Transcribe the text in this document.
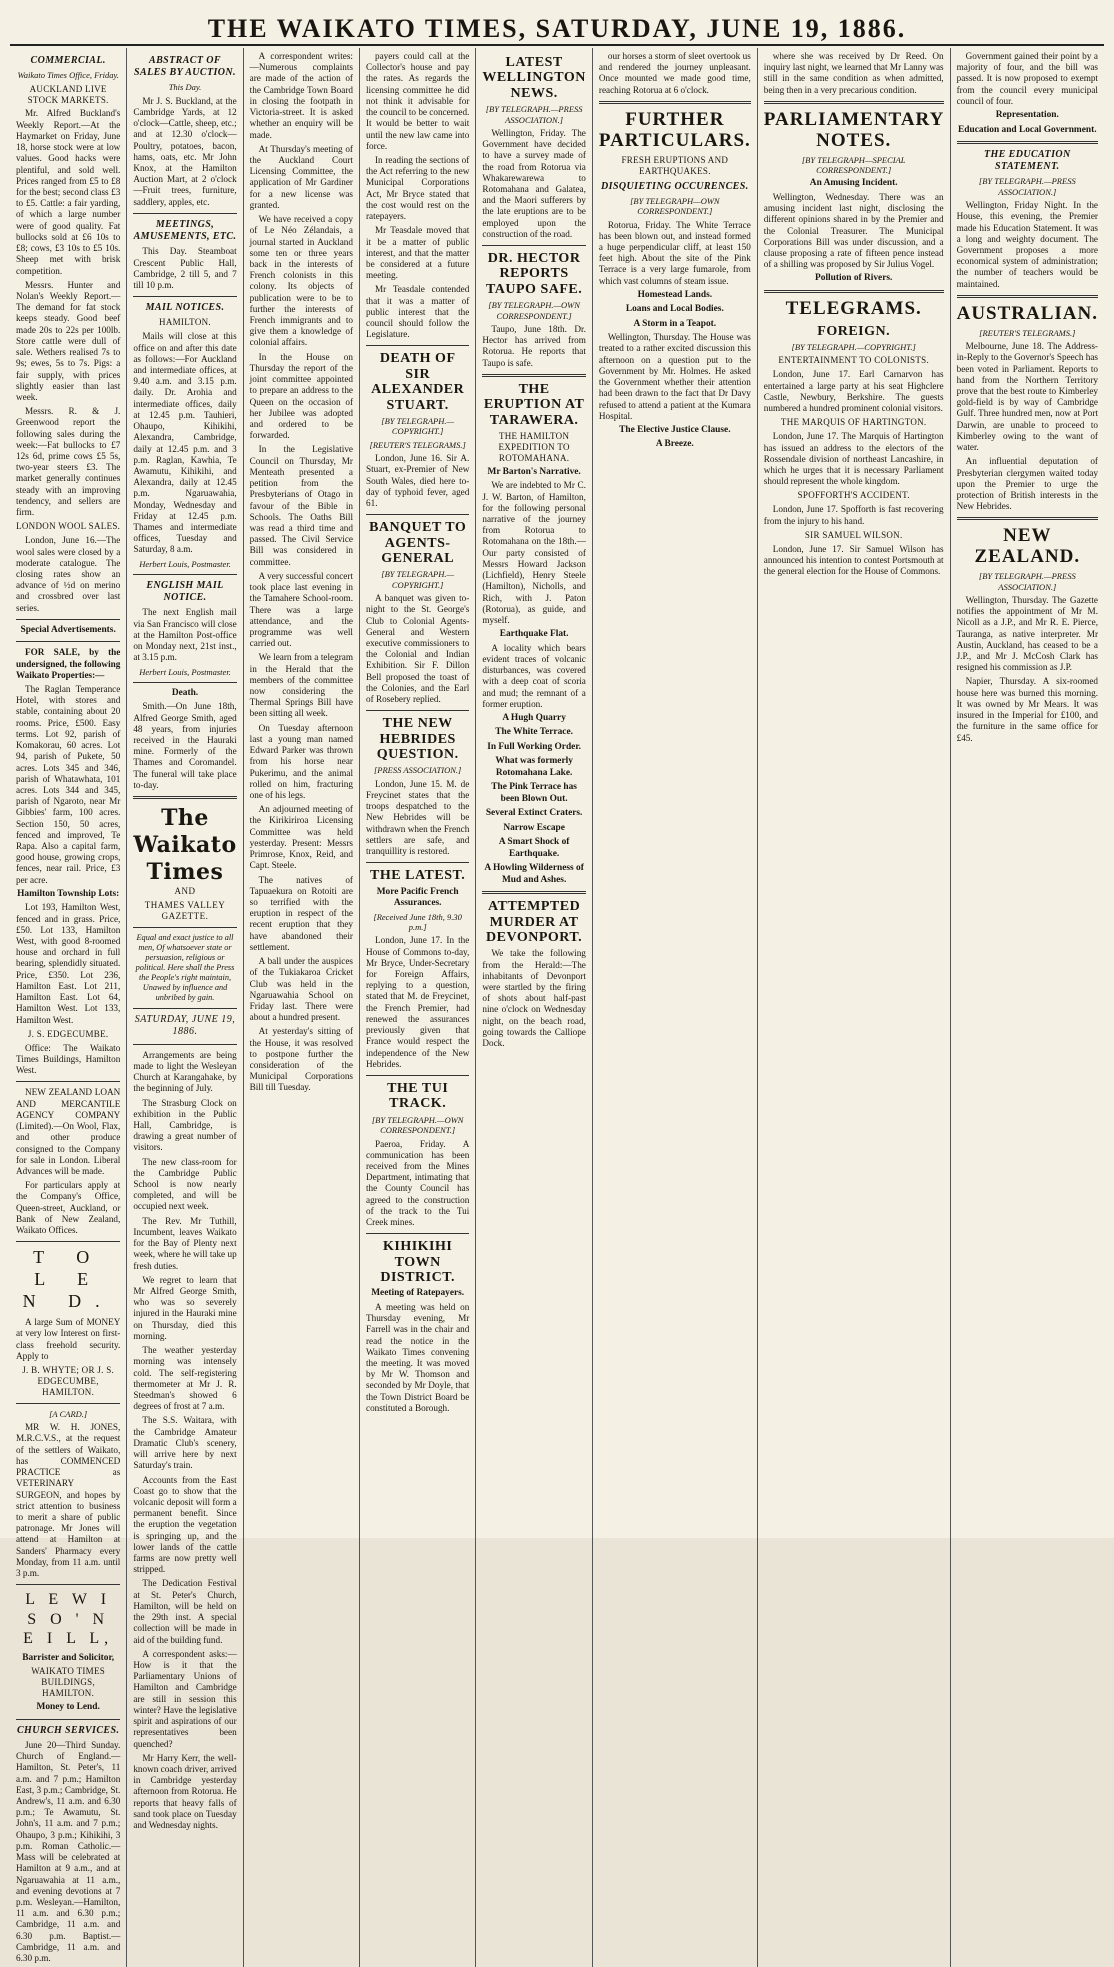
THE WAIKATO TIMES, SATURDAY, JUNE 19, 1886.
COMMERCIAL.
Waikato Times Office, Friday.
AUCKLAND LIVE STOCK MARKETS.

Mr. Alfred Buckland's Weekly Report.—At the Haymarket on Friday, June 18, horse stock were at low values. Good hacks were plentiful, and sold well. Prices ranged from £5 to £8 for the best; second class £3 to £5. Cattle: a fair yarding, of which a large number were of good quality. Fat bullocks sold at £6 10s to £8; cows, £3 10s to £5 10s. Sheep met with brisk competition.

Messrs. Hunter and Nolan's Weekly Report.—The demand for fat stock keeps steady. Good beef made 20s to 22s per 100lb. Store cattle were dull of sale. Wethers realised 7s to 9s; ewes, 5s to 7s. Pigs: a fair supply, with prices slightly easier than last week.

Messrs. R. & J. Greenwood report the following sales during the week:—Fat bullocks to £7 12s 6d, prime cows £5 5s, two-year steers £3. The market generally continues steady with an improving tendency, and sellers are firm.

LONDON WOOL SALES.

London, June 16.—The wool sales were closed by a moderate catalogue. The closing rates show an advance of ½d on merino and crossbred over last series.

Special Advertisements.

FOR SALE, by the undersigned, the following Waikato Properties:—

The Raglan Temperance Hotel, with stores and stable, containing about 20 rooms. Price, £500. Easy terms. Lot 92, parish of Komakorau, 60 acres. Lot 94, parish of Pukete, 50 acres. Lots 345 and 346, parish of Whatawhata, 101 acres. Lots 344 and 345, parish of Ngaroto, near Mr Gibbies' farm, 100 acres. Section 150, 50 acres, fenced and improved, Te Rapa. Also a capital farm, good house, growing crops, fences, near rail. Price, £3 per acre.

Hamilton Township Lots:

Lot 193, Hamilton West, fenced and in grass. Price, £50. Lot 133, Hamilton West, with good 8-roomed house and orchard in full bearing, splendidly situated. Price, £350. Lot 236, Hamilton East. Lot 211, Hamilton East. Lot 64, Hamilton West. Lot 133, Hamilton West.

J. S. EDGECUMBE.

Office: The Waikato Times Buildings, Hamilton West.

NEW ZEALAND LOAN AND MERCANTILE AGENCY COMPANY (Limited).—On Wool, Flax, and other produce consigned to the Company for sale in London. Liberal Advances will be made.

For particulars apply at the Company's Office, Queen-street, Auckland, or Bank of New Zealand, Waikato Offices.

T O L E N D.

A large Sum of MONEY at very low Interest on first-class freehold security. Apply to

J. B. WHYTE; OR J. S. EDGECUMBE, HAMILTON.
[A CARD.]

MR W. H. JONES, M.R.C.V.S., at the request of the settlers of Waikato, has COMMENCED PRACTICE as VETERINARY SURGEON, and hopes by strict attention to business to merit a share of public patronage. Mr Jones will attend at Hamilton at Sanders' Pharmacy every Monday, from 11 a.m. until 3 p.m.

L E W I S O ' N E I L L,
Barrister and Solicitor,
WAIKATO TIMES BUILDINGS, HAMILTON.
Money to Lend.
CHURCH SERVICES.

June 20—Third Sunday. Church of England.—Hamilton, St. Peter's, 11 a.m. and 7 p.m.; Hamilton East, 3 p.m.; Cambridge, St. Andrew's, 11 a.m. and 6.30 p.m.; Te Awamutu, St. John's, 11 a.m. and 7 p.m.; Ohaupo, 3 p.m.; Kihikihi, 3 p.m. Roman Catholic.—Mass will be celebrated at Hamilton at 9 a.m., and at Ngaruawahia at 11 a.m., and evening devotions at 7 p.m. Wesleyan.—Hamilton, 11 a.m. and 6.30 p.m.; Cambridge, 11 a.m. and 6.30 p.m. Baptist.—Cambridge, 11 a.m. and 6.30 p.m.

ABSTRACT OF SALES BY AUCTION.
This Day.

Mr J. S. Buckland, at the Cambridge Yards, at 12 o'clock—Cattle, sheep, etc.; and at 12.30 o'clock—Poultry, potatoes, bacon, hams, oats, etc. Mr John Knox, at the Hamilton Auction Mart, at 2 o'clock—Fruit trees, furniture, saddlery, apples, etc.

MEETINGS, AMUSEMENTS, ETC.

This Day. Steamboat Crescent Public Hall, Cambridge, 2 till 5, and 7 till 10 p.m.

MAIL NOTICES.
HAMILTON.

Mails will close at this office on and after this date as follows:—For Auckland and intermediate offices, at 9.40 a.m. and 3.15 p.m. daily. Dr. Arohia and intermediate offices, daily at 12.45 p.m. Tauhieri, Ohaupo, Kihikihi, Alexandra, Cambridge, daily at 12.45 p.m. and 3 p.m. Raglan, Kawhia, Te Awamutu, Kihikihi, and Alexandra, daily at 12.45 p.m. Ngaruawahia, Monday, Wednesday and Friday at 12.45 p.m. Thames and intermediate offices, Tuesday and Saturday, 8 a.m.

Herbert Louis, Postmaster.
ENGLISH MAIL NOTICE.

The next English mail via San Francisco will close at the Hamilton Post-office on Monday next, 21st inst., at 3.15 p.m.

Herbert Louis, Postmaster.
Death.

Smith.—On June 18th, Alfred George Smith, aged 48 years, from injuries received in the Hauraki mine. Formerly of the Thames and Coromandel. The funeral will take place to-day.

The Waikato Times
AND
THAMES VALLEY GAZETTE.

Equal and exact justice to all men, Of whatsoever state or persuasion, religious or political. Here shall the Press the People's right maintain, Unawed by influence and unbribed by gain.

SATURDAY, JUNE 19, 1886.

Arrangements are being made to light the Wesleyan Church at Karangahake, by the beginning of July.

The Strasburg Clock on exhibition in the Public Hall, Cambridge, is drawing a great number of visitors.

The new class-room for the Cambridge Public School is now nearly completed, and will be occupied next week.

The Rev. Mr Tuthill, Incumbent, leaves Waikato for the Bay of Plenty next week, where he will take up fresh duties.

We regret to learn that Mr Alfred George Smith, who was so severely injured in the Hauraki mine on Thursday, died this morning.

The weather yesterday morning was intensely cold. The self-registering thermometer at Mr J. R. Steedman's showed 6 degrees of frost at 7 a.m.

The S.S. Waitara, with the Cambridge Amateur Dramatic Club's scenery, will arrive here by next Saturday's train.

Accounts from the East Coast go to show that the volcanic deposit will form a permanent benefit. Since the eruption the vegetation is springing up, and the lower lands of the cattle farms are now pretty well stripped.

The Dedication Festival at St. Peter's Church, Hamilton, will be held on the 29th inst. A special collection will be made in aid of the building fund.

A correspondent asks:—How is it that the Parliamentary Unions of Hamilton and Cambridge are still in session this winter? Have the legislative spirit and aspirations of our representatives been quenched?

Mr Harry Kerr, the well-known coach driver, arrived in Cambridge yesterday afternoon from Rotorua. He reports that heavy falls of sand took place on Tuesday and Wednesday nights.

A correspondent writes:—Numerous complaints are made of the action of the Cambridge Town Board in closing the footpath in Victoria-street. It is asked whether an enquiry will be made.

At Thursday's meeting of the Auckland Court Licensing Committee, the application of Mr Gardiner for a new license was granted.

We have received a copy of Le Néo Zélandais, a journal started in Auckland some ten or three years back in the interests of French colonists in this colony. Its objects of publication were to be to further the interests of French immigrants and to give them a knowledge of colonial affairs.

In the House on Thursday the report of the joint committee appointed to prepare an address to the Queen on the occasion of her Jubilee was adopted and ordered to be forwarded.

In the Legislative Council on Thursday, Mr Menteath presented a petition from the Presbyterians of Otago in favour of the Bible in Schools. The Oaths Bill was read a third time and passed. The Civil Service Bill was considered in committee.

A very successful concert took place last evening in the Tamahere School-room. There was a large attendance, and the programme was well carried out.

We learn from a telegram in the Herald that the members of the committee now considering the Thermal Springs Bill have been sitting all week.

On Tuesday afternoon last a young man named Edward Parker was thrown from his horse near Pukerimu, and the animal rolled on him, fracturing one of his legs.

An adjourned meeting of the Kirikiriroa Licensing Committee was held yesterday. Present: Messrs Primrose, Knox, Reid, and Capt. Steele.

The natives of Tapuaekura on Rotoiti are so terrified with the eruption in respect of the recent eruption that they have abandoned their settlement.

A ball under the auspices of the Tukiakaroa Cricket Club was held in the Ngaruawahia School on Friday last. There were about a hundred present.

At yesterday's sitting of the House, it was resolved to postpone further the consideration of the Municipal Corporations Bill till Tuesday.

payers could call at the Collector's house and pay the rates. As regards the licensing committee he did not think it advisable for the council to be concerned. It would be better to wait until the new law came into force.

In reading the sections of the Act referring to the new Municipal Corporations Act, Mr Bryce stated that the cost would rest on the ratepayers.

Mr Teasdale moved that it be a matter of public interest, and that the matter be considered at a future meeting.

Mr Teasdale contended that it was a matter of public interest that the council should follow the Legislature.

DEATH OF SIR ALEXANDER STUART.
[BY TELEGRAPH.—COPYRIGHT.]
[REUTER'S TELEGRAMS.]

London, June 16. Sir A. Stuart, ex-Premier of New South Wales, died here to-day of typhoid fever, aged 61.

BANQUET TO AGENTS-GENERAL
[BY TELEGRAPH.—COPYRIGHT.]

A banquet was given to-night to the St. George's Club to Colonial Agents-General and Western executive commissioners to the Colonial and Indian Exhibition. Sir F. Dillon Bell proposed the toast of the Colonies, and the Earl of Rosebery replied.

THE NEW HEBRIDES QUESTION.
[PRESS ASSOCIATION.]

London, June 15. M. de Freycinet states that the troops despatched to the New Hebrides will be withdrawn when the French settlers are safe, and tranquillity is restored.

THE LATEST.
More Pacific French Assurances.
[Received June 18th, 9.30 p.m.]

London, June 17. In the House of Commons to-day, Mr Bryce, Under-Secretary for Foreign Affairs, replying to a question, stated that M. de Freycinet, the French Premier, had renewed the assurances previously given that France would respect the independence of the New Hebrides.

THE TUI TRACK.
[BY TELEGRAPH.—OWN CORRESPONDENT.]

Paeroa, Friday. A communication has been received from the Mines Department, intimating that the County Council has agreed to the construction of the track to the Tui Creek mines.

KIHIKIHI TOWN DISTRICT.
Meeting of Ratepayers.

A meeting was held on Thursday evening, Mr Farrell was in the chair and read the notice in the Waikato Times convening the meeting. It was moved by Mr W. Thomson and seconded by Mr Doyle, that the Town District Board be constituted a Borough.

LATEST WELLINGTON NEWS.
[BY TELEGRAPH.—PRESS ASSOCIATION.]

Wellington, Friday. The Government have decided to have a survey made of the road from Rotorua via Whakarewarewa to Rotomahana and Galatea, and the Maori sufferers by the late eruptions are to be employed upon the construction of the road.

DR. HECTOR REPORTS TAUPO SAFE.
[BY TELEGRAPH.—OWN CORRESPONDENT.]

Taupo, June 18th. Dr. Hector has arrived from Rotorua. He reports that Taupo is safe.

THE ERUPTION AT TARAWERA.
THE HAMILTON EXPEDITION TO ROTOMAHANA.
Mr Barton's Narrative.

We are indebted to Mr C. J. W. Barton, of Hamilton, for the following personal narrative of the journey from Rotorua to Rotomahana on the 18th.—Our party consisted of Messrs Howard Jackson (Lichfield), Henry Steele (Hamilton), Nicholls, and Rich, with J. Paton (Rotorua), as guide, and myself.

Earthquake Flat.

A locality which bears evident traces of volcanic disturbances, was covered with a deep coat of scoria and mud; the remnant of a former eruption.

A Hugh Quarry
The White Terrace.
In Full Working Order.
What was formerly Rotomahana Lake.
The Pink Terrace has been Blown Out.
Several Extinct Craters.
Narrow Escape
A Smart Shock of Earthquake.
A Howling Wilderness of Mud and Ashes.
ATTEMPTED MURDER AT DEVONPORT.

We take the following from the Herald:—The inhabitants of Devonport were startled by the firing of shots about half-past nine o'clock on Wednesday night, on the beach road, going towards the Calliope Dock.

our horses a storm of sleet overtook us and rendered the journey unpleasant. Once mounted we made good time, reaching Rotorua at 6 o'clock.

FURTHER PARTICULARS.
FRESH ERUPTIONS AND EARTHQUAKES.
DISQUIETING OCCURENCES.
[BY TELEGRAPH—OWN CORRESPONDENT.]

Rotorua, Friday. The White Terrace has been blown out, and instead formed a huge perpendicular cliff, at least 150 feet high. About the site of the Pink Terrace is a very large fumarole, from which vast columns of steam issue.

Homestead Lands.
Loans and Local Bodies.
A Storm in a Teapot.

Wellington, Thursday. The House was treated to a rather excited discussion this afternoon on a question put to the Government by Mr. Holmes. He asked the Government whether their attention had been drawn to the fact that Dr Davy refused to attend a patient at the Kumara Hospital.

The Elective Justice Clause.
A Breeze.

where she was received by Dr Reed. On inquiry last night, we learned that Mr Lanny was still in the same condition as when admitted, being then in a very precarious condition.

PARLIAMENTARY NOTES.
[BY TELEGRAPH—SPECIAL CORRESPONDENT.]
An Amusing Incident.

Wellington, Wednesday. There was an amusing incident last night, disclosing the different opinions shared in by the Premier and the Colonial Treasurer. The Municipal Corporations Bill was under discussion, and a clause proposing a rate of fifteen pence instead of a shilling was proposed by Sir Julius Vogel.

Pollution of Rivers.
TELEGRAMS.
FOREIGN.
[BY TELEGRAPH.—COPYRIGHT.]
ENTERTAINMENT TO COLONISTS.

London, June 17. Earl Carnarvon has entertained a large party at his seat Highclere Castle, Newbury, Berkshire. The guests numbered a hundred prominent colonial visitors.

THE MARQUIS OF HARTINGTON.

London, June 17. The Marquis of Hartington has issued an address to the electors of the Rossendale division of northeast Lancashire, in which he urges that it is necessary Parliament should represent the whole kingdom.

SPOFFORTH'S ACCIDENT.

London, June 17. Spofforth is fast recovering from the injury to his hand.

SIR SAMUEL WILSON.

London, June 17. Sir Samuel Wilson has announced his intention to contest Portsmouth at the general election for the House of Commons.

Government gained their point by a majority of four, and the bill was passed. It is now proposed to exempt from the council every municipal council of four.

Representation.
Education and Local Government.
THE EDUCATION STATEMENT.
[BY TELEGRAPH.—PRESS ASSOCIATION.]

Wellington, Friday Night. In the House, this evening, the Premier made his Education Statement. It was a long and weighty document. The Government proposes a more economical system of administration; the number of teachers would be maintained.

AUSTRALIAN.
[REUTER'S TELEGRAMS.]

Melbourne, June 18. The Address-in-Reply to the Governor's Speech has been voted in Parliament. Reports to hand from the Northern Territory prove that the best route to Kimberley gold-field is by way of Cambridge Gulf. Three hundred men, now at Port Darwin, are unable to proceed to Kimberley owing to the want of water.

An influential deputation of Presbyterian clergymen waited today upon the Premier to urge the protection of British interests in the New Hebrides.

NEW ZEALAND.
[BY TELEGRAPH.—PRESS ASSOCIATION.]

Wellington, Thursday. The Gazette notifies the appointment of Mr M. Nicoll as a J.P., and Mr R. E. Pierce, Tauranga, as native interpreter. Mr Austin, Auckland, has ceased to be a J.P., and Mr J. McCosh Clark has resigned his commission as J.P.

Napier, Thursday. A six-roomed house here was burned this morning. It was owned by Mr Mears. It was insured in the Imperial for £100, and the furniture in the same office for £45.
